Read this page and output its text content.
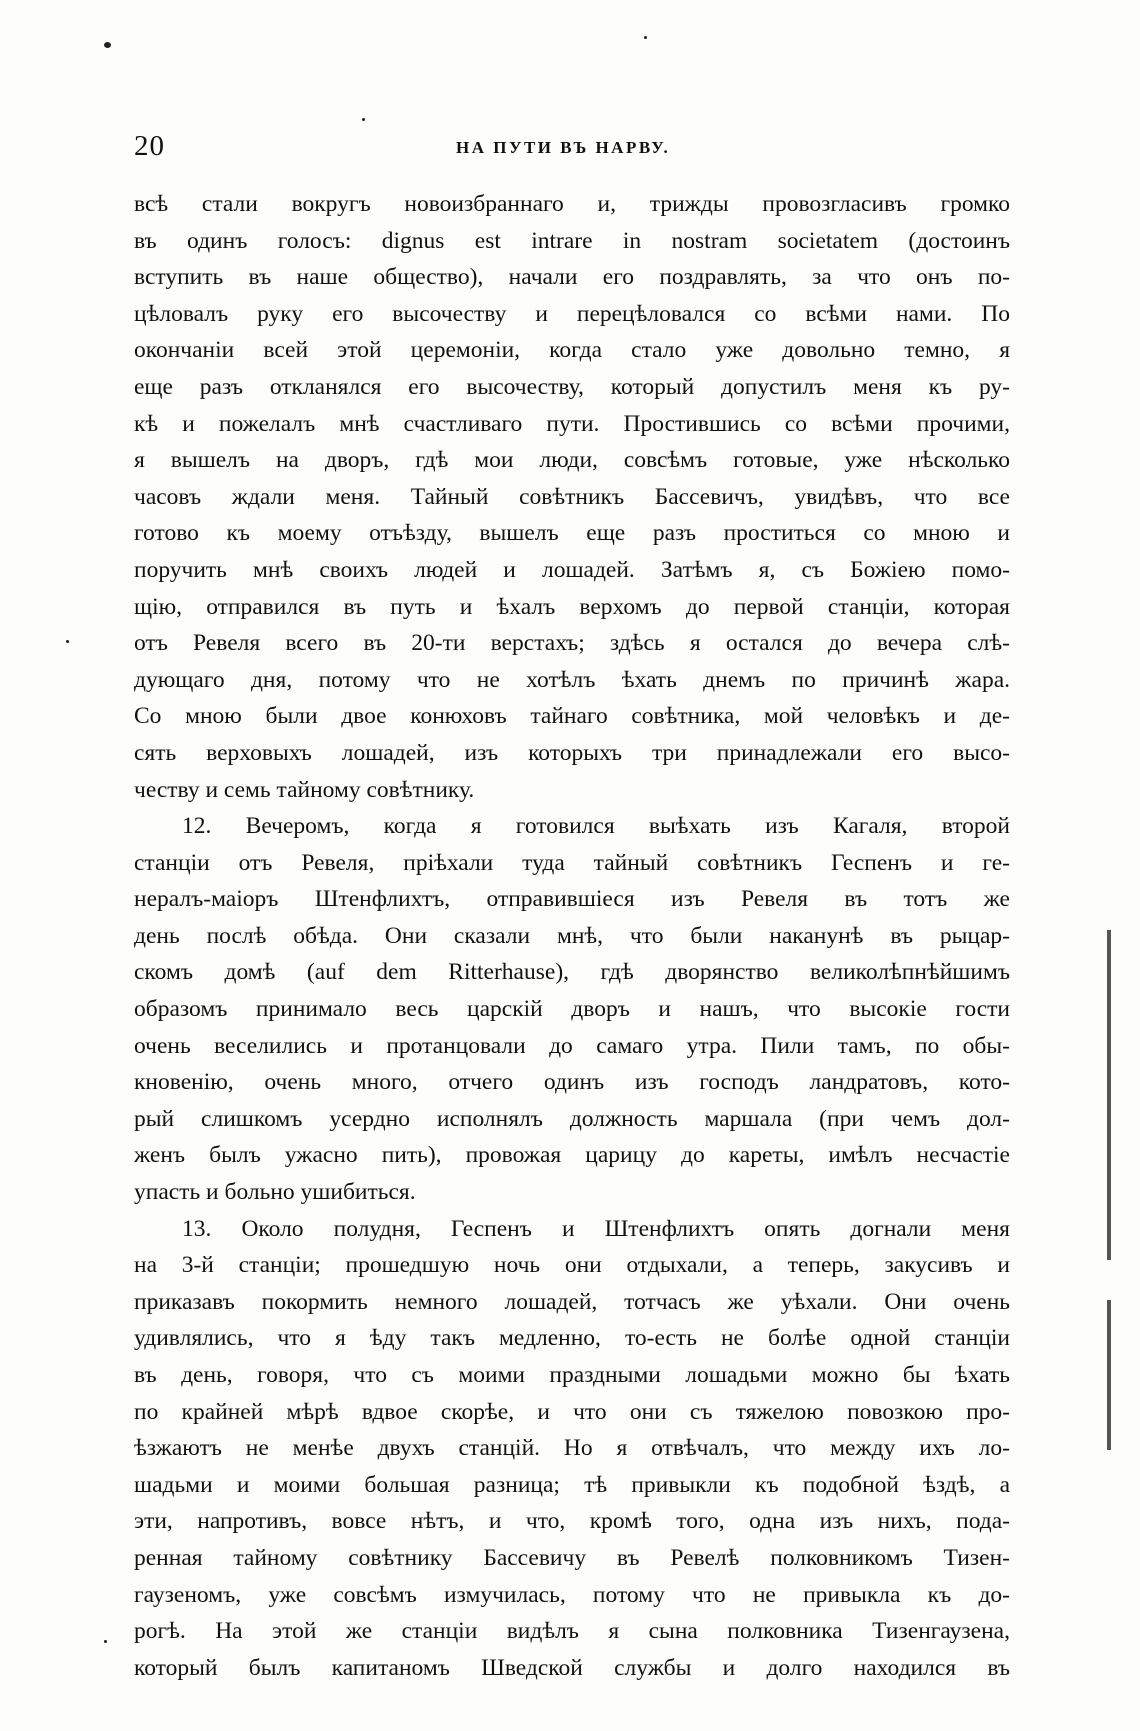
20	НА ПУТИ ВЪ НАРВУ.
всѣ стали вокругъ новоизбраннаго и, трижды провозгласивъ громко
въ одинъ голосъ: dignus est intrare in nostram societatem (достоинъ
вступить въ наше общество), начали его поздравлять, за что онъ по-
цѣловалъ руку его высочеству и перецѣловался со всѣми нами. По
окончаніи всей этой церемоніи, когда стало уже довольно темно, я
еще разъ откланялся его высочеству, который допустилъ меня къ ру-
кѣ и пожелалъ мнѣ счастливаго пути. Простившись со всѣми прочими,
я вышелъ на дворъ, гдѣ мои люди, совсѣмъ готовые, уже нѣсколько
часовъ ждали меня. Тайный совѣтникъ Бассевичъ, увидѣвъ, что все
готово къ моему отъѣзду, вышелъ еще разъ проститься со мною и
поручить мнѣ своихъ людей и лошадей. Затѣмъ я, съ Божіею помо-
щію, отправился въ путь и ѣхалъ верхомъ до первой станціи, которая
отъ Ревеля всего въ 20-ти верстахъ; здѣсь я остался до вечера слѣ-
дующаго дня, потому что не хотѣлъ ѣхать днемъ по причинѣ жара.
Со мною были двое конюховъ тайнаго совѣтника, мой человѣкъ и де-
сять верховыхъ лошадей, изъ которыхъ три принадлежали его высо-
честву и семь тайному совѣтнику.
12. Вечеромъ, когда я готовился выѣхать изъ Кагаля, второй
станціи отъ Ревеля, пріѣхали туда тайный совѣтникъ Геспенъ и ге-
нералъ-маіоръ Штенфлихтъ, отправившіеся изъ Ревеля въ тотъ же
день послѣ обѣда. Они сказали мнѣ, что были наканунѣ въ рыцар-
скомъ домѣ (auf dem Ritterhause), гдѣ дворянство великолѣпнѣйшимъ
образомъ принимало весь царскій дворъ и нашъ, что высокіе гости
очень веселились и протанцовали до самаго утра. Пили тамъ, по обы-
кновенію, очень много, отчего одинъ изъ господъ ландратовъ, кото-
рый слишкомъ усердно исполнялъ должность маршала (при чемъ дол-
женъ былъ ужасно пить), провожая царицу до кареты, имѣлъ несчастіе
упасть и больно ушибиться.
13. Около полудня, Геспенъ и Штенфлихтъ опять догнали меня
на 3-й станціи; прошедшую ночь они отдыхали, а теперь, закусивъ и
приказавъ покормить немного лошадей, тотчасъ же уѣхали. Они очень
удивлялись, что я ѣду такъ медленно, то-есть не болѣе одной станціи
въ день, говоря, что съ моими праздными лошадьми можно бы ѣхать
по крайней мѣрѣ вдвое скорѣе, и что они съ тяжелою повозкою про-
ѣзжаютъ не менѣе двухъ станцій. Но я отвѣчалъ, что между ихъ ло-
шадьми и моими большая разница; тѣ привыкли къ подобной ѣздѣ, а
эти, напротивъ, вовсе нѣтъ, и что, кромѣ того, одна изъ нихъ, пода-
ренная тайному совѣтнику Бассевичу въ Ревелѣ полковникомъ Тизен-
гаузеномъ, уже совсѣмъ измучилась, потому что не привыкла къ до-
рогѣ. На этой же станціи видѣлъ я сына полковника Тизенгаузена,
который былъ капитаномъ Шведской службы и долго находился въ
